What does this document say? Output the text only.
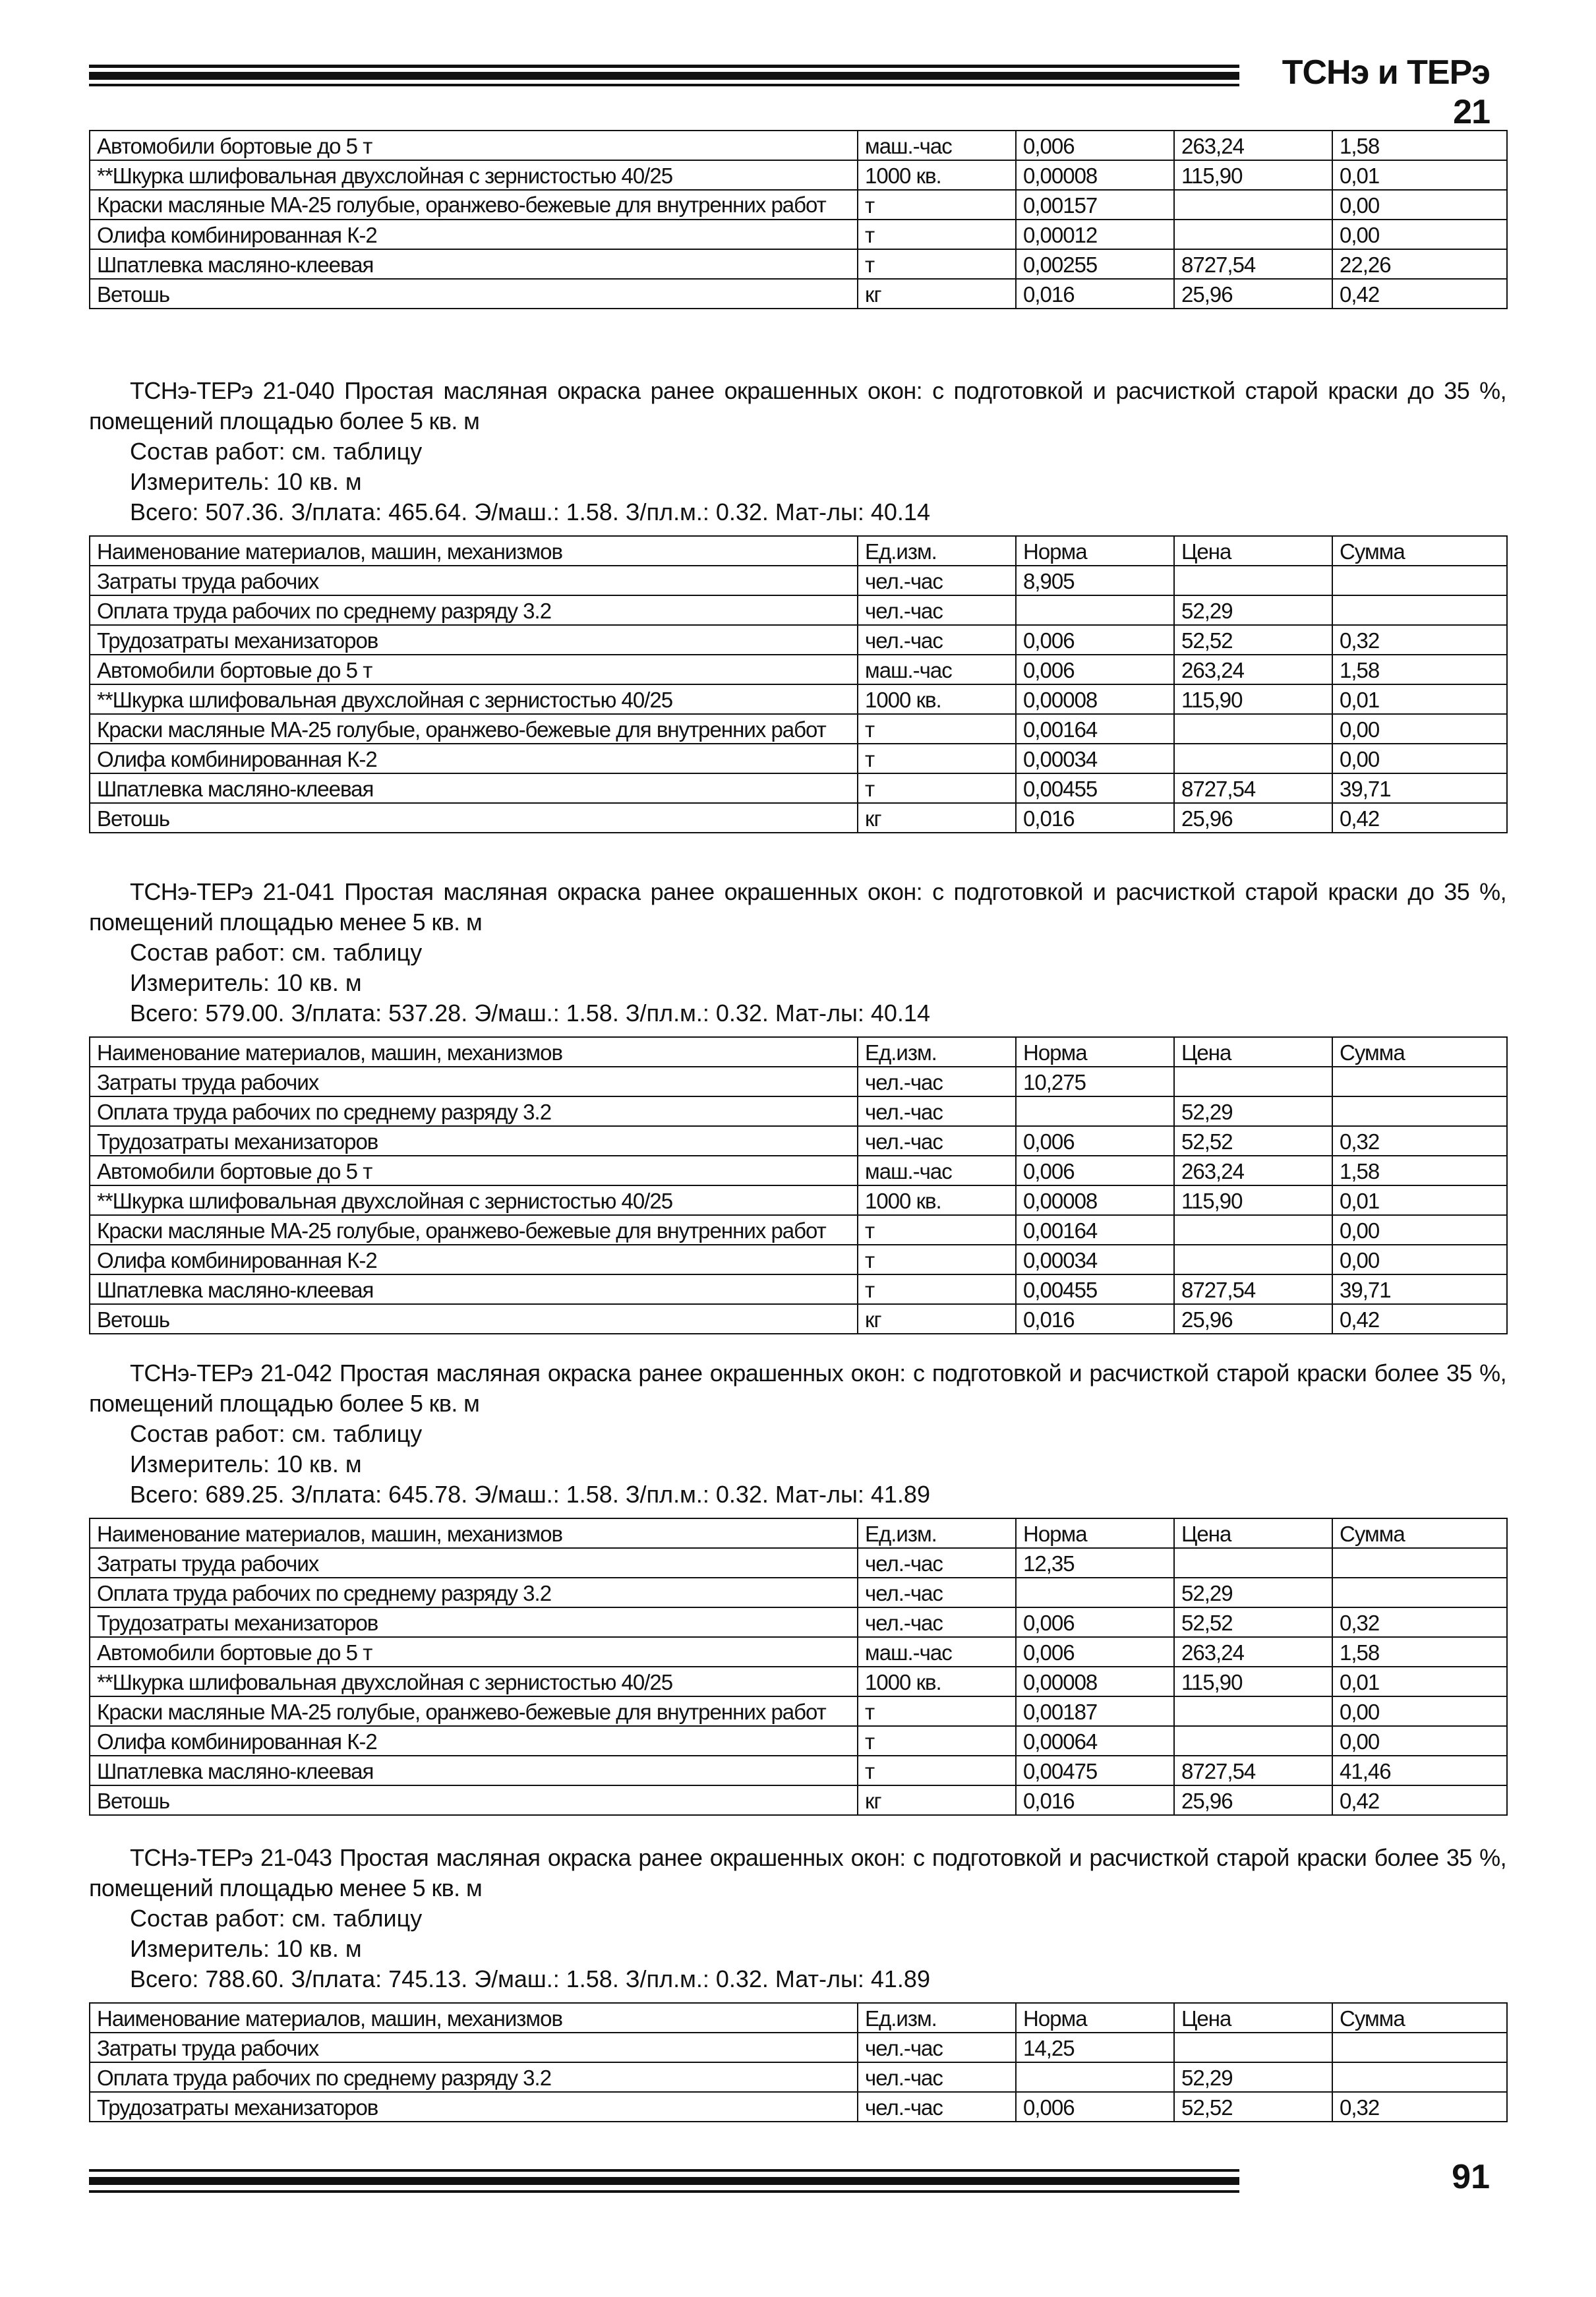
ТСНэ и ТЕРэ 21
Автомобили бортовые до 5 т	маш.-час	0,006	263,24	1,58
**Шкурка шлифовальная двухслойная с зернистостью 40/25	1000 кв.	0,00008	115,90	0,01
Краски масляные МА-25 голубые, оранжево-бежевые для внутренних работ	т	0,00157		0,00
Олифа комбинированная К-2	т	0,00012		0,00
Шпатлевка масляно-клеевая	т	0,00255	8727,54	22,26
Ветошь	кг	0,016	25,96	0,42
ТСНэ-ТЕРэ 21-040 Простая масляная окраска ранее окрашенных окон: с подготовкой и расчисткой старой краски до 35 %, помещений площадью более 5 кв. м
Состав работ: см. таблицу
Измеритель: 10 кв. м
Всего: 507.36. З/плата: 465.64. Э/маш.: 1.58. З/пл.м.: 0.32. Мат-лы: 40.14
Наименование материалов, машин, механизмов	Ед.изм.	Норма	Цена	Сумма
Затраты труда рабочих	чел.-час	8,905		
Оплата труда рабочих по среднему разряду 3.2	чел.-час		52,29	
Трудозатраты механизаторов	чел.-час	0,006	52,52	0,32
Автомобили бортовые до 5 т	маш.-час	0,006	263,24	1,58
**Шкурка шлифовальная двухслойная с зернистостью 40/25	1000 кв.	0,00008	115,90	0,01
Краски масляные МА-25 голубые, оранжево-бежевые для внутренних работ	т	0,00164		0,00
Олифа комбинированная К-2	т	0,00034		0,00
Шпатлевка масляно-клеевая	т	0,00455	8727,54	39,71
Ветошь	кг	0,016	25,96	0,42
ТСНэ-ТЕРэ 21-041 Простая масляная окраска ранее окрашенных окон: с подготовкой и расчисткой старой краски до 35 %, помещений площадью менее 5 кв. м
Состав работ: см. таблицу
Измеритель: 10 кв. м
Всего: 579.00. З/плата: 537.28. Э/маш.: 1.58. З/пл.м.: 0.32. Мат-лы: 40.14
Наименование материалов, машин, механизмов	Ед.изм.	Норма	Цена	Сумма
Затраты труда рабочих	чел.-час	10,275		
Оплата труда рабочих по среднему разряду 3.2	чел.-час		52,29	
Трудозатраты механизаторов	чел.-час	0,006	52,52	0,32
Автомобили бортовые до 5 т	маш.-час	0,006	263,24	1,58
**Шкурка шлифовальная двухслойная с зернистостью 40/25	1000 кв.	0,00008	115,90	0,01
Краски масляные МА-25 голубые, оранжево-бежевые для внутренних работ	т	0,00164		0,00
Олифа комбинированная К-2	т	0,00034		0,00
Шпатлевка масляно-клеевая	т	0,00455	8727,54	39,71
Ветошь	кг	0,016	25,96	0,42
ТСНэ-ТЕРэ 21-042 Простая масляная окраска ранее окрашенных окон: с подготовкой и расчисткой старой краски более 35 %, помещений площадью более 5 кв. м
Состав работ: см. таблицу
Измеритель: 10 кв. м
Всего: 689.25. З/плата: 645.78. Э/маш.: 1.58. З/пл.м.: 0.32. Мат-лы: 41.89
Наименование материалов, машин, механизмов	Ед.изм.	Норма	Цена	Сумма
Затраты труда рабочих	чел.-час	12,35		
Оплата труда рабочих по среднему разряду 3.2	чел.-час		52,29	
Трудозатраты механизаторов	чел.-час	0,006	52,52	0,32
Автомобили бортовые до 5 т	маш.-час	0,006	263,24	1,58
**Шкурка шлифовальная двухслойная с зернистостью 40/25	1000 кв.	0,00008	115,90	0,01
Краски масляные МА-25 голубые, оранжево-бежевые для внутренних работ	т	0,00187		0,00
Олифа комбинированная К-2	т	0,00064		0,00
Шпатлевка масляно-клеевая	т	0,00475	8727,54	41,46
Ветошь	кг	0,016	25,96	0,42
ТСНэ-ТЕРэ 21-043 Простая масляная окраска ранее окрашенных окон: с подготовкой и расчисткой старой краски более 35 %, помещений площадью менее 5 кв. м
Состав работ: см. таблицу
Измеритель: 10 кв. м
Всего: 788.60. З/плата: 745.13. Э/маш.: 1.58. З/пл.м.: 0.32. Мат-лы: 41.89
Наименование материалов, машин, механизмов	Ед.изм.	Норма	Цена	Сумма
Затраты труда рабочих	чел.-час	14,25		
Оплата труда рабочих по среднему разряду 3.2	чел.-час		52,29	
Трудозатраты механизаторов	чел.-час	0,006	52,52	0,32
91
